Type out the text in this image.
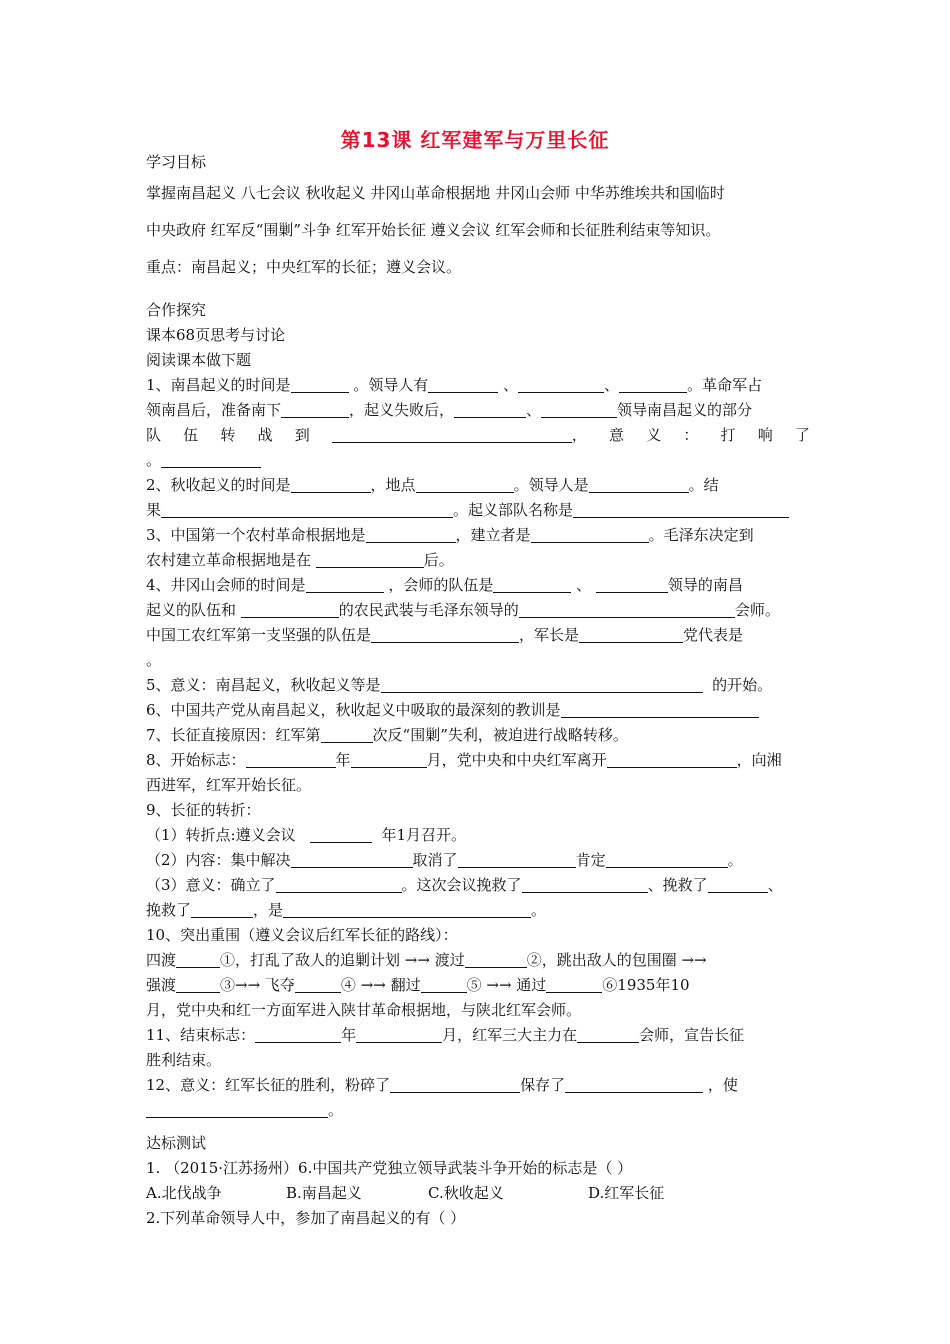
第13课 红军建军与万里长征
学习目标
掌握南昌起义 八七会议 秋收起义 井冈山革命根据地 井冈山会师 中华苏维埃共和国临时
中央政府 红军反“围剿”斗争 红军开始长征 遵义会议 红军会师和长征胜利结束等知识。
重点：南昌起义；中央红军的长征；遵义会议。
合作探究
课本68页思考与讨论
阅读课本做下题
1、南昌起义的时间是	。领导人有	、	、	。革命军占
领南昌后，准备南下	，起义失败后，	、	领导南昌起义的部分
队 伍 转 战 到	， 意 义 ： 打 响 了
。
2、秋收起义的时间是	，地点	。领导人是	。结
果	。起义部队名称是
3、中国第一个农村革命根据地是	，建立者是	。毛泽东决定到
农村建立革命根据地是在	后。
4、井冈山会师的时间是	，会师的队伍是	、	领导的南昌
起义的队伍和	的农民武装与毛泽东领导的	会师。
中国工农红军第一支坚强的队伍是	，军长是	党代表是
。
5、意义：南昌起义，秋收起义等是	的开始。
6、中国共产党从南昌起义，秋收起义中吸取的最深刻的教训是
7、长征直接原因：红军第	次反“围剿”失利，被迫进行战略转移。
8、开始标志：	年	月，党中央和中央红军离开	，向湘
西进军，红军开始长征。
9、长征的转折：
（1）转折点:遵义会议	年1月召开。
（2）内容：集中解决	取消了	肯定	。
（3）意义：确立了	。这次会议挽救了	、挽救了	、
挽救了	，是	。
10、突出重围（遵义会议后红军长征的路线）：
四渡	①，打乱了敌人的追剿计划 →→ 渡过	②，跳出敌人的包围圈 →→
强渡	③→→ 飞夺	④ →→ 翻过	⑤ →→ 通过	⑥1935年10
月，党中央和红一方面军进入陕甘革命根据地，与陕北红军会师。
11、结束标志：	年	月，红军三大主力在	会师，宣告长征
胜利结束。
12、意义：红军长征的胜利，粉碎了	保存了	，使
。
达标测试
1. （2015·江苏扬州）6.中国共产党独立领导武装斗争开始的标志是（ ）
A.北伐战争	B.南昌起义	C.秋收起义	D.红军长征
2.下列革命领导人中，参加了南昌起义的有（ ）
